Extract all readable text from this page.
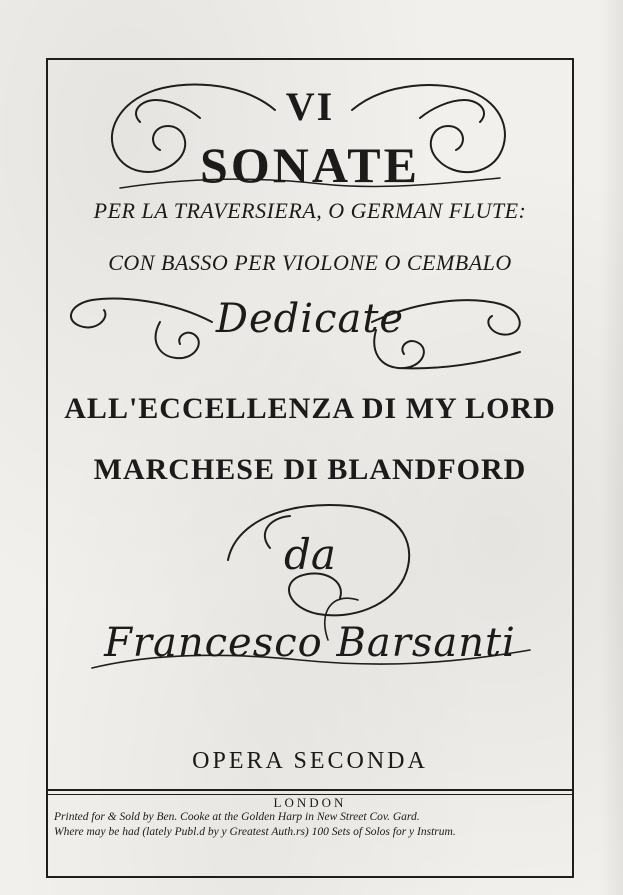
VI
SONATE
PER LA TRAVERSIERA, O GERMAN FLUTE:
CON BASSO PER VIOLONE O CEMBALO
Dedicate
ALL'ECCELLENZA DI MY LORD
MARCHESE DI BLANDFORD
da
Francesco Barsanti
OPERA SECONDA
LONDON
Printed for & Sold by Ben. Cooke at the Golden Harp in New Street Cov. Gard.
Where may be had (lately Publ.d by y Greatest Auth.rs) 100 Sets of Solos for y Instrum.
